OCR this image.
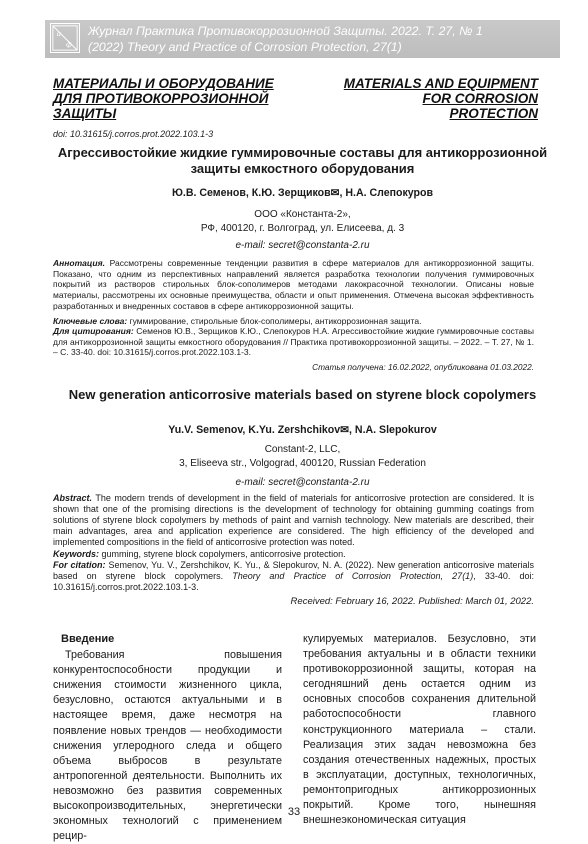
a
Ф
Журнал Практика Противокоррозионной Защиты. 2022. Т. 27, № 1
(2022) Theory and Practice of Corrosion Protection, 27(1)
МАТЕРИАЛЫ И ОБОРУДОВАНИЕ ДЛЯ ПРОТИВОКОРРОЗИОННОЙ ЗАЩИТЫ
MATERIALS AND EQUIPMENT FOR CORROSION PROTECTION
doi: 10.31615/j.corros.prot.2022.103.1-3
Агрессивостойкие жидкие гуммировочные составы для антикоррозионной защиты емкостного оборудования
Ю.В. Семенов, К.Ю. Зерщиков✉, Н.А. Слепокуров
ООО «Константа-2»,
РФ, 400120, г. Волгоград, ул. Елисеева, д. 3
e-mail: secret@constanta-2.ru
Аннотация. Рассмотрены современные тенденции развития в сфере материалов для антикоррозионной защиты. Показано, что одним из перспективных направлений является разработка технологии получения гуммировочных покрытий из растворов стирольных блок-сополимеров методами лакокрасочной технологии. Описаны новые материалы, рассмотрены их основные преимущества, области и опыт применения. Отмечена высокая эффективность разработанных и внедренных составов в сфере антикоррозионной защиты.
Ключевые слова: гуммирование, стирольные блок-сополимеры, антикоррозионная защита.
Для цитирования: Семенов Ю.В., Зерщиков К.Ю., Слепокуров Н.А. Агрессивостойкие жидкие гуммировочные составы для антикоррозионной защиты емкостного оборудования // Практика противокоррозионной защиты. – 2022. – Т. 27, № 1. – С. 33-40. doi: 10.31615/j.corros.prot.2022.103.1-3.
Статья получена: 16.02.2022, опубликована 01.03.2022.
New generation anticorrosive materials based on styrene block copolymers
Yu.V. Semenov, K.Yu. Zershchikov✉, N.A. Slepokurov
Constant-2, LLC,
3, Eliseeva str., Volgograd, 400120, Russian Federation
e-mail: secret@constanta-2.ru
Abstract. The modern trends of development in the field of materials for anticorrosive protection are considered. It is shown that one of the promising directions is the development of technology for obtaining gumming coatings from solutions of styrene block copolymers by methods of paint and varnish technology. New materials are described, their main advantages, area and application experience are considered. The high efficiency of the developed and implemented compositions in the field of anticorrosive protection was noted.
Keywords: gumming, styrene block copolymers, anticorrosive protection.
For citation: Semenov, Yu. V., Zershchikov, K. Yu., & Slepokurov, N. A. (2022). New generation anticorrosive materials based on styrene block copolymers. Theory and Practice of Corrosion Protection, 27(1), 33-40. doi: 10.31615/j.corros.prot.2022.103.1-3.
Received: February 16, 2022. Published: March 01, 2022.
Введение
Требования повышения конкурентоспособности продукции и снижения стоимости жизненного цикла, безусловно, остаются актуальными и в настоящее время, даже несмотря на появление новых трендов — необходимости снижения углеродного следа и общего объема выбросов в результате антропогенной деятельности. Выполнить их невозможно без развития современных высокопроизводительных, энергетически экономных технологий с применением рецир-
кулируемых материалов. Безусловно, эти требования актуальны и в области техники противокоррозионной защиты, которая на сегодняшний день остается одним из основных способов сохранения длительной работоспособности главного конструкционного материала – стали. Реализация этих задач невозможна без создания отечественных надежных, простых в эксплуатации, доступных, технологичных, ремонтопригодных антикоррозионных покрытий. Кроме того, нынешняя внешнеэкономическая ситуация
33
